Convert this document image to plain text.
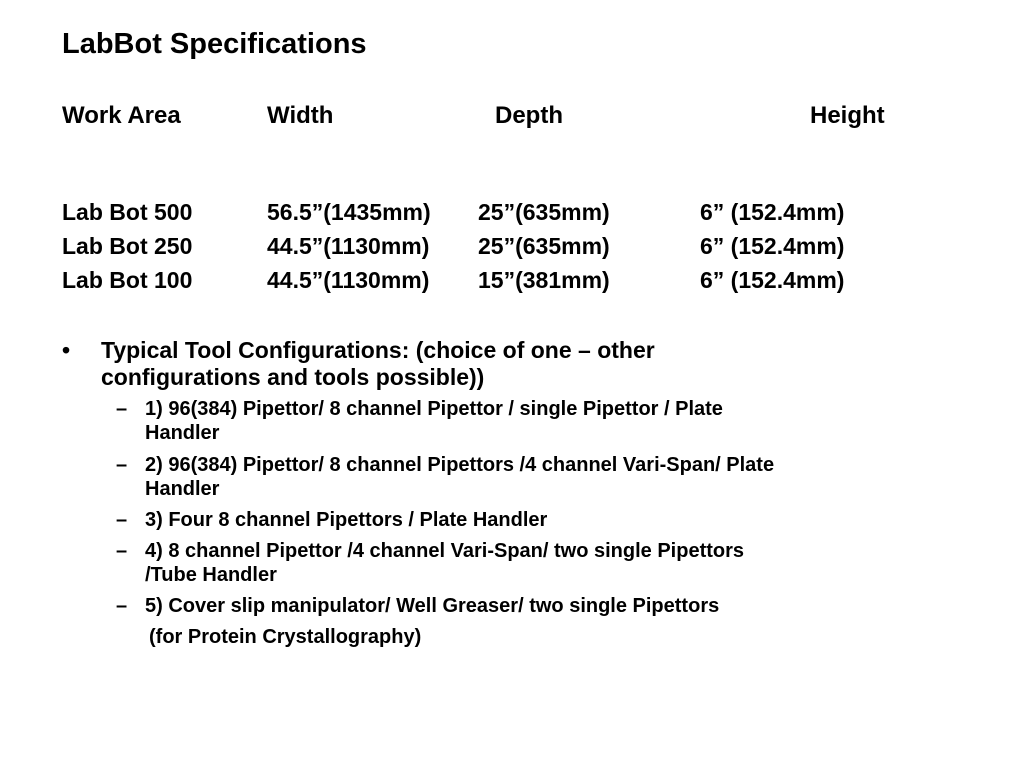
LabBot Specifications
Work Area	Width	Depth	Height
Lab Bot 500	56.5”(1435mm) 25”(635mm)	6” (152.4mm)
Lab Bot 250	44.5”(1130mm) 25”(635mm)	6” (152.4mm)
Lab Bot 100	44.5”(1130mm) 15”(381mm)	6” (152.4mm)
• Typical Tool Configurations: (choice of one – other
configurations and tools possible))
– 1) 96(384) Pipettor/ 8 channel Pipettor / single Pipettor / Plate
Handler
– 2) 96(384) Pipettor/ 8 channel Pipettors /4 channel Vari-Span/ Plate
Handler
– 3) Four 8 channel Pipettors / Plate Handler
– 4) 8 channel Pipettor /4 channel Vari-Span/ two single Pipettors
/Tube Handler
– 5) Cover slip manipulator/ Well Greaser/ two single Pipettors
(for Protein Crystallography)
